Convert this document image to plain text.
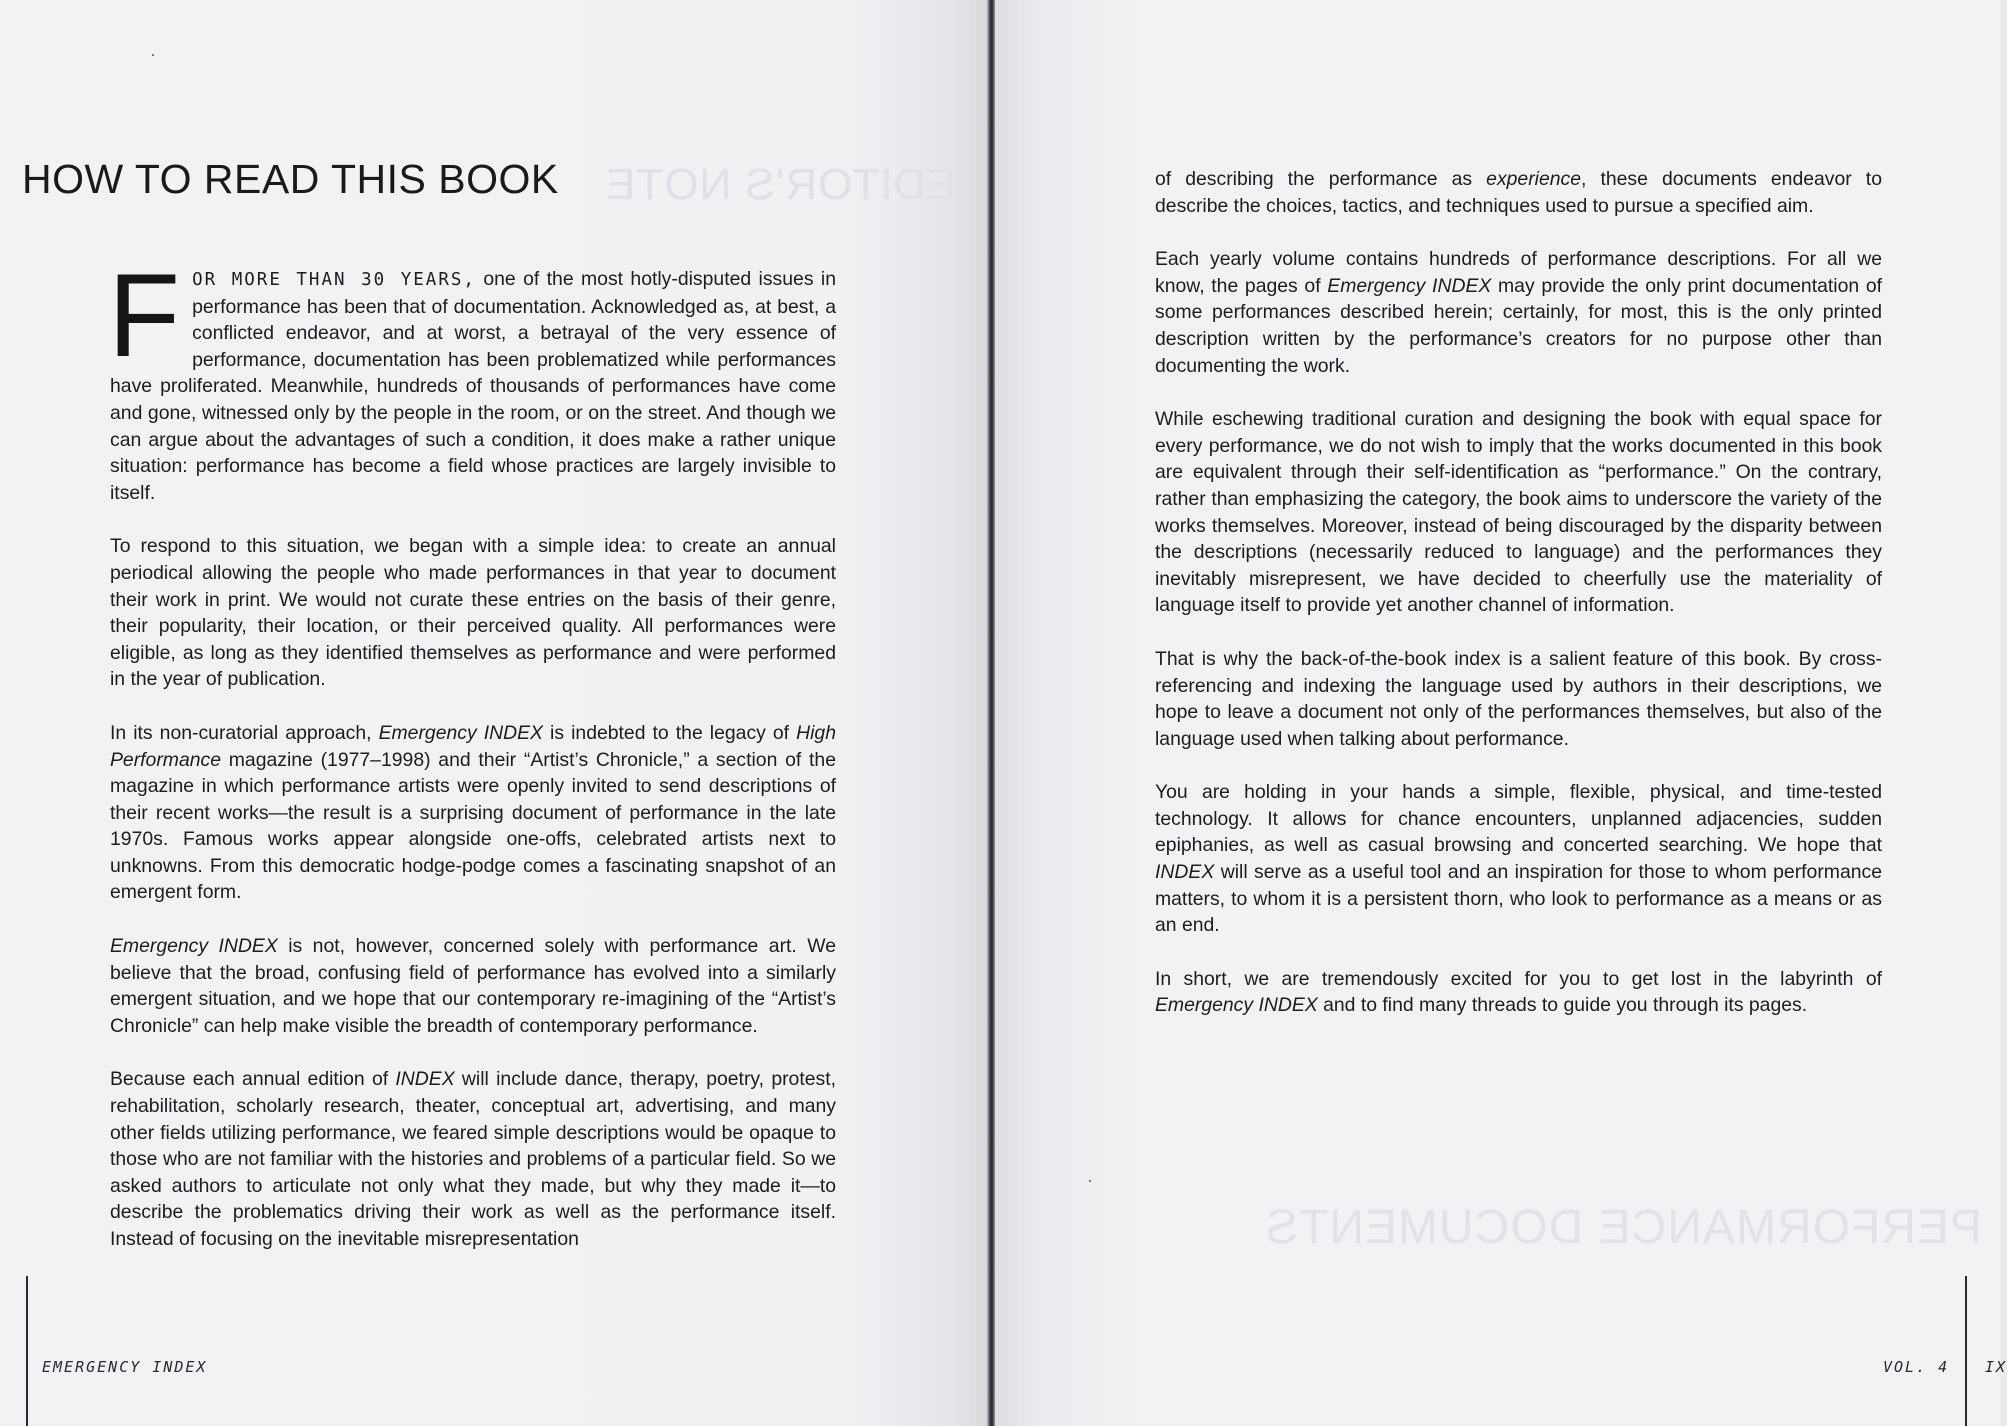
EDITOR'S NOTE
HOW TO READ THIS BOOK

FOR MORE THAN 30 YEARS, one of the most hotly-disputed issues in performance has been that of documentation. Acknowledged as, at best, a conflicted endeavor, and at worst, a betrayal of the very essence of performance, documentation has been problematized while performances have proliferated. Meanwhile, hundreds of thousands of performances have come and gone, witnessed only by the people in the room, or on the street. And though we can argue about the advantages of such a condition, it does make a rather unique situation: performance has become a field whose practices are largely invisible to itself.

To respond to this situation, we began with a simple idea: to create an annual periodical allowing the people who made performances in that year to document their work in print. We would not curate these entries on the basis of their genre, their popularity, their location, or their perceived quality. All performances were eligible, as long as they identified themselves as performance and were performed in the year of publication.

In its non-curatorial approach, Emergency INDEX is indebted to the legacy of High Performance magazine (1977–1998) and their “Artist’s Chronicle,” a section of the magazine in which performance artists were openly invited to send descriptions of their recent works—the result is a surprising document of performance in the late 1970s. Famous works appear alongside one-offs, celebrated artists next to unknowns. From this democratic hodge-podge comes a fascinating snapshot of an emergent form.

Emergency INDEX is not, however, concerned solely with performance art. We believe that the broad, confusing field of performance has evolved into a similarly emergent situation, and we hope that our contemporary re-imagining of the “Artist’s Chronicle” can help make visible the breadth of contemporary performance.

Because each annual edition of INDEX will include dance, therapy, poetry, protest, rehabilitation, scholarly research, theater, conceptual art, advertising, and many other fields utilizing performance, we feared simple descriptions would be opaque to those who are not familiar with the histories and problems of a particular field. So we asked authors to articulate not only what they made, but why they made it—to describe the problematics driving their work as well as the performance itself. Instead of focusing on the inevitable misrepresentation

EMERGENCY INDEX
PERFORMANCE DOCUMENTS

of describing the performance as experience, these documents endeavor to describe the choices, tactics, and techniques used to pursue a specified aim.

Each yearly volume contains hundreds of performance descriptions. For all we know, the pages of Emergency INDEX may provide the only print documentation of some performances described herein; certainly, for most, this is the only printed description written by the performance’s creators for no purpose other than documenting the work.

While eschewing traditional curation and designing the book with equal space for every performance, we do not wish to imply that the works documented in this book are equivalent through their self-identification as “performance.” On the contrary, rather than emphasizing the category, the book aims to underscore the variety of the works themselves. Moreover, instead of being discouraged by the disparity between the descriptions (necessarily reduced to language) and the performances they inevitably misrepresent, we have decided to cheerfully use the materiality of language itself to provide yet another channel of information.

That is why the back-of-the-book index is a salient feature of this book. By cross-referencing and indexing the language used by authors in their descriptions, we hope to leave a document not only of the performances themselves, but also of the language used when talking about performance.

You are holding in your hands a simple, flexible, physical, and time-tested technology. It allows for chance encounters, unplanned adjacencies, sudden epiphanies, as well as casual browsing and concerted searching. We hope that INDEX will serve as a useful tool and an inspiration for those to whom performance matters, to whom it is a persistent thorn, who look to performance as a means or as an end.

In short, we are tremendously excited for you to get lost in the labyrinth of Emergency INDEX and to find many threads to guide you through its pages.

VOL. 4 IX
